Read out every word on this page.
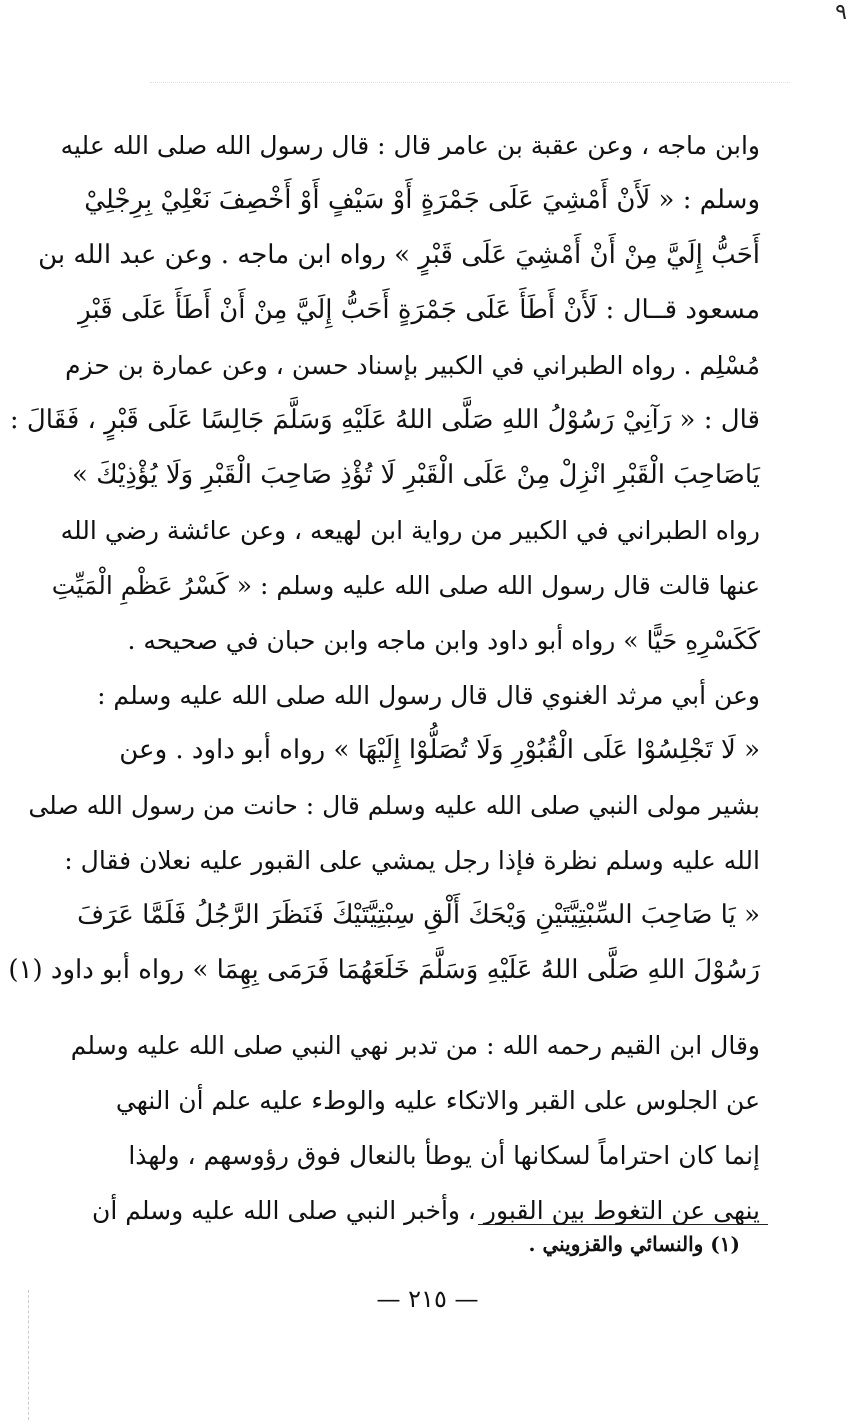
٩
وابن ماجه ، وعن عقبة بن عامر قال : قال رسول الله صلى الله عليه
وسلم : « لَأَنْ أَمْشِيَ عَلَى جَمْرَةٍ أَوْ سَيْفٍ أَوْ أَخْصِفَ نَعْلِيْ بِرِجْلِيْ
أَحَبُّ إِلَيَّ مِنْ أَنْ أَمْشِيَ عَلَى قَبْرٍ » رواه ابن ماجه . وعن عبد الله بن
مسعود قــال : لَأَنْ أَطَأَ عَلَى جَمْرَةٍ أَحَبُّ إِلَيَّ مِنْ أَنْ أَطَأَ عَلَى قَبْرِ
مُسْلِم . رواه الطبراني في الكبير بإسناد حسن ، وعن عمارة بن حزم
قال : « رَآنِيْ رَسُوْلُ اللهِ صَلَّى اللهُ عَلَيْهِ وَسَلَّمَ جَالِسًا عَلَى قَبْرٍ ، فَقَالَ :
يَاصَاحِبَ الْقَبْرِ انْزِلْ مِنْ عَلَى الْقَبْرِ لَا تُؤْذِ صَاحِبَ الْقَبْرِ وَلَا يُؤْذِيْكَ »
رواه الطبراني في الكبير من رواية ابن لهيعه ، وعن عائشة رضي الله
عنها قالت قال رسول الله صلى الله عليه وسلم : « كَسْرُ عَظْمِ الْمَيِّتِ
كَكَسْرِهِ حَيًّا » رواه أبو داود وابن ماجه وابن حبان في صحيحه .
وعن أبي مرثد الغنوي قال قال رسول الله صلى الله عليه وسلم :
« لَا تَجْلِسُوْا عَلَى الْقُبُوْرِ وَلَا تُصَلُّوْا إِلَيْهَا » رواه أبو داود . وعن
بشير مولى النبي صلى الله عليه وسلم قال : حانت من رسول الله صلى
الله عليه وسلم نظرة فإذا رجل يمشي على القبور عليه نعلان فقال :
« يَا صَاحِبَ السِّبْتِيَّتَيْنِ وَيْحَكَ أَلْقِ سِبْتِيَّتَيْكَ فَنَظَرَ الرَّجُلُ فَلَمَّا عَرَفَ
رَسُوْلَ اللهِ صَلَّى اللهُ عَلَيْهِ وَسَلَّمَ خَلَعَهُمَا فَرَمَى بِهِمَا » رواه أبو داود (١)
وقال ابن القيم رحمه الله : من تدبر نهي النبي صلى الله عليه وسلم
عن الجلوس على القبر والاتكاء عليه والوطء عليه علم أن النهي
إنما كان احتراماً لسكانها أن يوطأ بالنعال فوق رؤوسهم ، ولهذا
ينهى عن التغوط بين القبور ، وأخبر النبي صلى الله عليه وسلم أن
(١) والنسائي والقزويني .
— ٢١٥ —
